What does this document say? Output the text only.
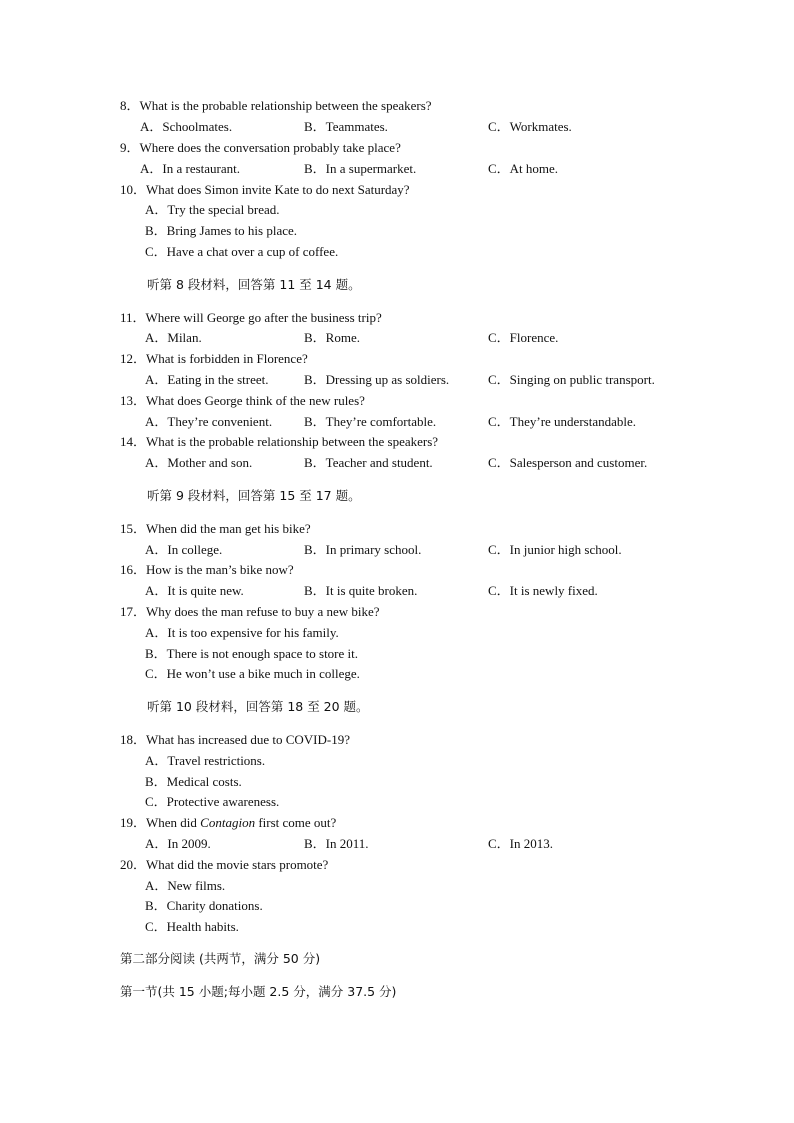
8．What is the probable relationship between the speakers?
A．Schoolmates.	B．Teammates.	C．Workmates.
9．Where does the conversation probably take place?
A．In a restaurant.	B．In a supermarket.	C．At home.
10．What does Simon invite Kate to do next Saturday?
A．Try the special bread.
B．Bring James to his place.
C．Have a chat over a cup of coffee.
听第 8 段材料，回答第 11 至 14 题。
11．Where will George go after the business trip?
A．Milan.	B．Rome.	C．Florence.
12．What is forbidden in Florence?
A．Eating in the street.	B．Dressing up as soldiers.	C．Singing on public transport.
13．What does George think of the new rules?
A．They’re convenient. B．They’re comfortable.	C．They’re understandable.
14．What is the probable relationship between the speakers?
A．Mother and son.	B．Teacher and student.	C．Salesperson and customer.
听第 9 段材料，回答第 15 至 17 题。
15．When did the man get his bike?
A．In college.	B．In primary school.	C．In junior high school.
16．How is the man’s bike now?
A．It is quite new.	B．It is quite broken.	C．It is newly fixed.
17．Why does the man refuse to buy a new bike?
A．It is too expensive for his family.
B．There is not enough space to store it.
C．He won’t use a bike much in college.
听第 10 段材料，回答第 18 至 20 题。
18．What has increased due to COVID-19?
A．Travel restrictions.
B．Medical costs.
C．Protective awareness.
19．When did Contagion first come out?
A．In 2009.	B．In 2011.	C．In 2013.
20．What did the movie stars promote?
A．New films.
B．Charity donations.
C．Health habits.
第二部分阅读 (共两节，满分 50 分)
第一节(共 15 小题;每小题 2.5 分，满分 37.5 分)
